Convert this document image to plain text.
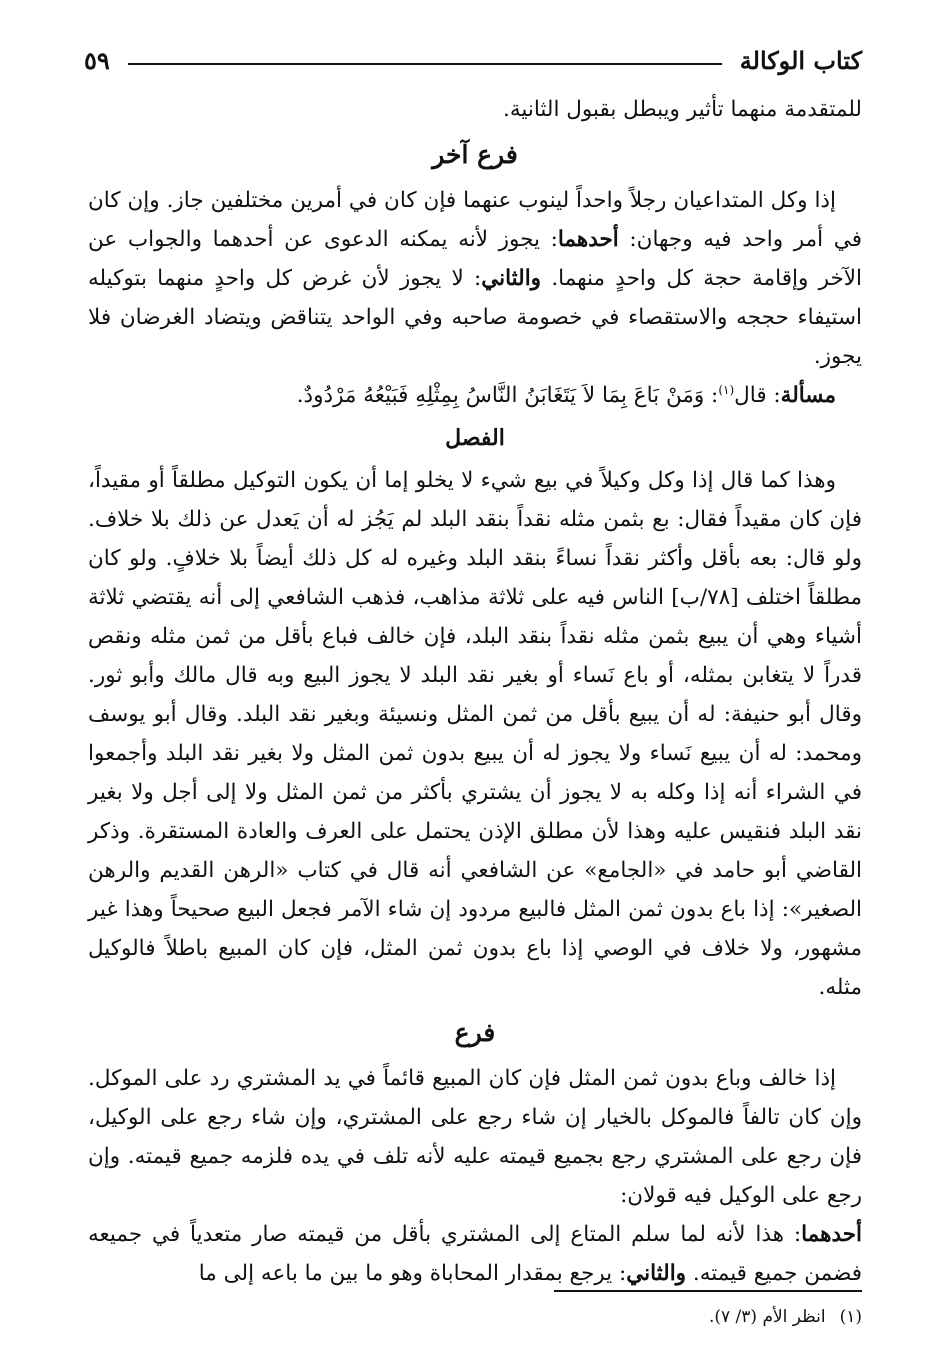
كتاب الوكالة
٥٩

للمتقدمة منهما تأثير ويبطل بقبول الثانية.

فرع آخر

إذا وكل المتداعيان رجلاً واحداً لينوب عنهما فإن كان في أمرين مختلفين جاز. وإن كان في أمر واحد فيه وجهان: أحدهما: يجوز لأنه يمكنه الدعوى عن أحدهما والجواب عن الآخر وإقامة حجة كل واحدٍ منهما. والثاني: لا يجوز لأن غرض كل واحدٍ منهما بتوكيله استيفاء حججه والاستقصاء في خصومة صاحبه وفي الواحد يتناقض ويتضاد الغرضان فلا يجوز.

مسألة: قال$^{(١)}$: وَمَنْ بَاعَ بِمَا لاَ يَتَغَابَنُ النَّاسُ بِمِثْلِهِ فَبَيْعُهُ مَرْدُودٌ.

الفصل

وهذا كما قال إذا وكل وكيلاً في بيع شيء لا يخلو إما أن يكون التوكيل مطلقاً أو مقيداً، فإن كان مقيداً فقال: بع بثمن مثله نقداً بنقد البلد لم يَجُز له أن يَعدل عن ذلك بلا خلاف. ولو قال: بعه بأقل وأكثر نقداً نساءً بنقد البلد وغيره له كل ذلك أيضاً بلا خلافٍ. ولو كان مطلقاً اختلف [٧٨/ب] الناس فيه على ثلاثة مذاهب، فذهب الشافعي إلى أنه يقتضي ثلاثة أشياء وهي أن يبيع بثمن مثله نقداً بنقد البلد، فإن خالف فباع بأقل من ثمن مثله ونقص قدراً لا يتغابن بمثله، أو باع نَساء أو بغير نقد البلد لا يجوز البيع وبه قال مالك وأبو ثور. وقال أبو حنيفة: له أن يبيع بأقل من ثمن المثل ونسيئة وبغير نقد البلد. وقال أبو يوسف ومحمد: له أن يبيع نَساء ولا يجوز له أن يبيع بدون ثمن المثل ولا بغير نقد البلد وأجمعوا في الشراء أنه إذا وكله به لا يجوز أن يشتري بأكثر من ثمن المثل ولا إلى أجل ولا بغير نقد البلد فنقيس عليه وهذا لأن مطلق الإذن يحتمل على العرف والعادة المستقرة. وذكر القاضي أبو حامد في «الجامع» عن الشافعي أنه قال في كتاب «الرهن القديم والرهن الصغير»: إذا باع بدون ثمن المثل فالبيع مردود إن شاء الآمر فجعل البيع صحيحاً وهذا غير مشهور، ولا خلاف في الوصي إذا باع بدون ثمن المثل، فإن كان المبيع باطلاً فالوكيل مثله.

فرع

إذا خالف وباع بدون ثمن المثل فإن كان المبيع قائماً في يد المشتري رد على الموكل. وإن كان تالفاً فالموكل بالخيار إن شاء رجع على المشتري، وإن شاء رجع على الوكيل، فإن رجع على المشتري رجع بجميع قيمته عليه لأنه تلف في يده فلزمه جميع قيمته. وإن رجع على الوكيل فيه قولان:

أحدهما: هذا لأنه لما سلم المتاع إلى المشتري بأقل من قيمته صار متعدياً في جميعه فضمن جميع قيمته. والثاني: يرجع بمقدار المحاباة وهو ما بين ما باعه إلى ما

(١)انظر الأم (٣/ ٧).
